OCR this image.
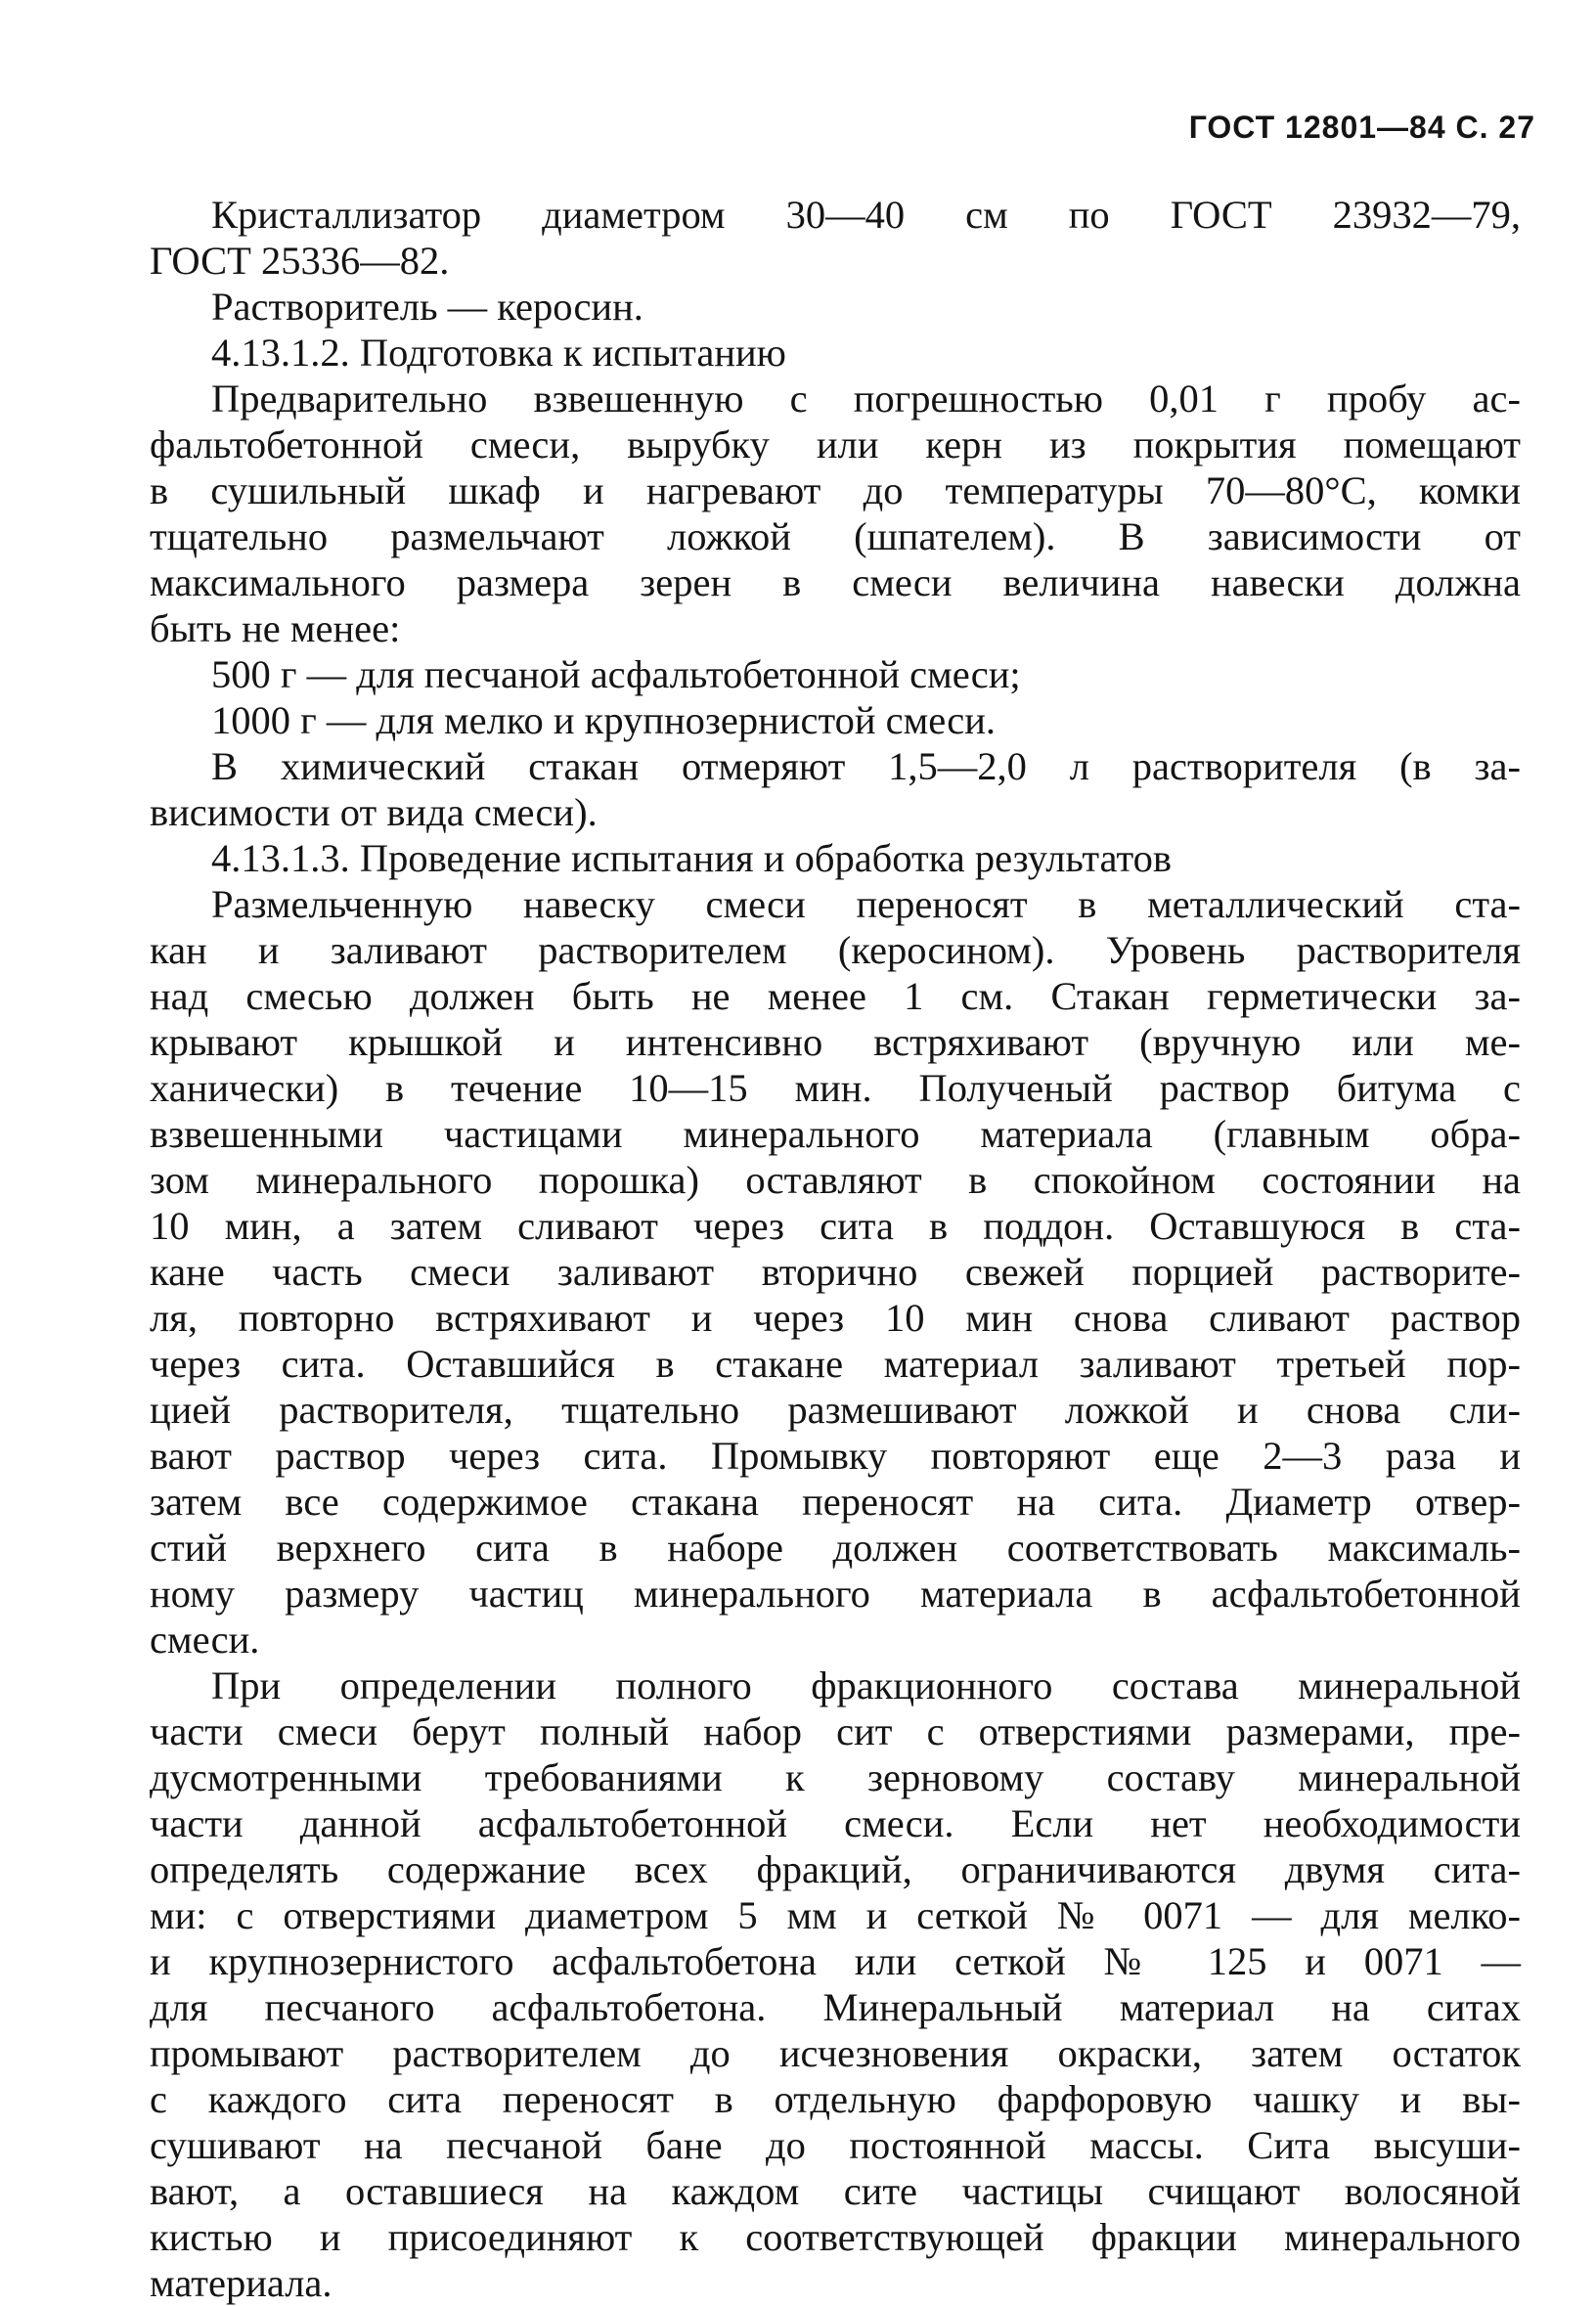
ГОСТ 12801—84 С. 27
Кристаллизатор диаметром 30—40 см по ГОСТ 23932—79,
ГОСТ 25336—82.
Растворитель — керосин.
4.13.1.2. Подготовка к испытанию
Предварительно взвешенную с погрешностью 0,01 г пробу ас-
фальтобетонной смеси, вырубку или керн из покрытия помещают
в сушильный шкаф и нагревают до температуры 70—80°С, комки
тщательно размельчают ложкой (шпателем). В зависимости от
максимального размера зерен в смеси величина навески должна
быть не менее:
500 г — для песчаной асфальтобетонной смеси;
1000 г — для мелко и крупнозернистой смеси.
В химический стакан отмеряют 1,5—2,0 л растворителя (в за-
висимости от вида смеси).
4.13.1.3. Проведение испытания и обработка результатов
Размельченную навеску смеси переносят в металлический ста-
кан и заливают растворителем (керосином). Уровень растворителя
над смесью должен быть не менее 1 см. Стакан герметически за-
крывают крышкой и интенсивно встряхивают (вручную или ме-
ханически) в течение 10—15 мин. Полученый раствор битума с
взвешенными частицами минерального материала (главным обра-
зом минерального порошка) оставляют в спокойном состоянии на
10 мин, а затем сливают через сита в поддон. Оставшуюся в ста-
кане часть смеси заливают вторично свежей порцией растворите-
ля, повторно встряхивают и через 10 мин снова сливают раствор
через сита. Оставшийся в стакане материал заливают третьей пор-
цией растворителя, тщательно размешивают ложкой и снова сли-
вают раствор через сита. Промывку повторяют еще 2—3 раза и
затем все содержимое стакана переносят на сита. Диаметр отвер-
стий верхнего сита в наборе должен соответствовать максималь-
ному размеру частиц минерального материала в асфальтобетонной
смеси.
При определении полного фракционного состава минеральной
части смеси берут полный набор сит с отверстиями размерами, пре-
дусмотренными требованиями к зерновому составу минеральной
части данной асфальтобетонной смеси. Если нет необходимости
определять содержание всех фракций, ограничиваются двумя сита-
ми: с отверстиями диаметром 5 мм и сеткой № 0071 — для мелко-
и крупнозернистого асфальтобетона или сеткой № 125 и 0071 —
для песчаного асфальтобетона. Минеральный материал на ситах
промывают растворителем до исчезновения окраски, затем остаток
с каждого сита переносят в отдельную фарфоровую чашку и вы-
сушивают на песчаной бане до постоянной массы. Сита высуши-
вают, а оставшиеся на каждом сите частицы счищают волосяной
кистью и присоединяют к соответствующей фракции минерального
материала.
